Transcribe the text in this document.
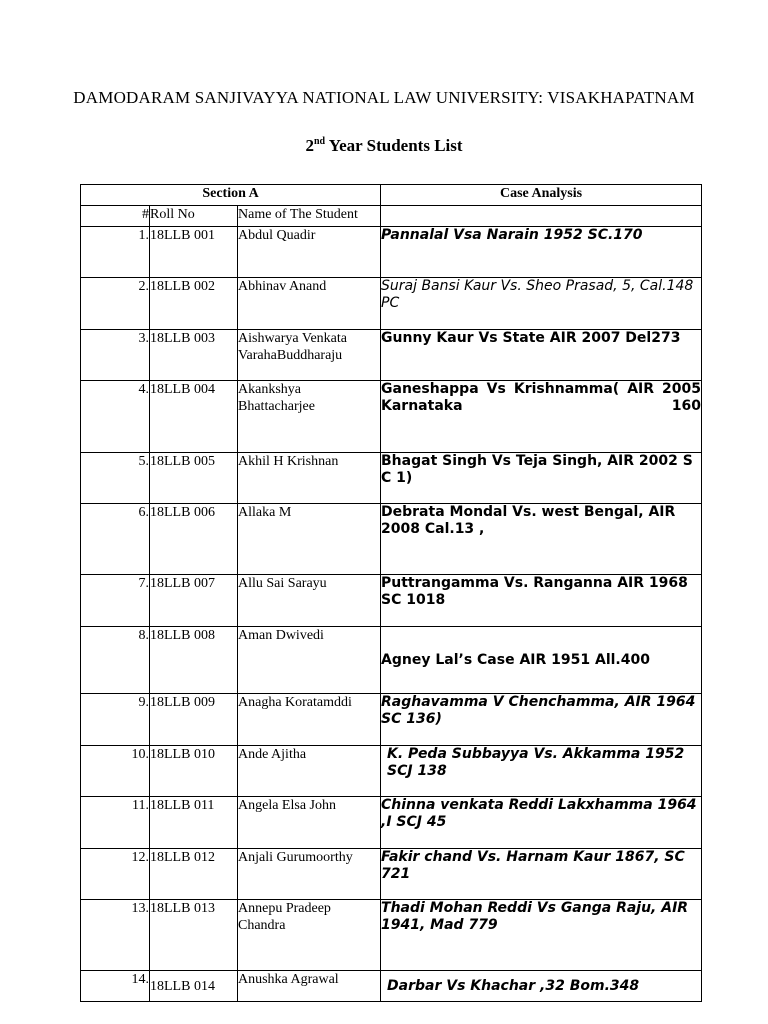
DAMODARAM SANJIVAYYA NATIONAL LAW UNIVERSITY: VISAKHAPATNAM
2nd Year Students List
Section A			Case Analysis
#	Roll No	Name of The Student	
1.	18LLB 001	Abdul Quadir	Pannalal Vsa Narain 1952 SC.170
2.	18LLB 002	Abhinav Anand	Suraj Bansi Kaur Vs. Sheo Prasad, 5, Cal.148 PC
3.	18LLB 003	Aishwarya Venkata VarahaBuddharaju	Gunny Kaur Vs State AIR 2007 Del273
4.	18LLB 004	Akankshya Bhattacharjee	Ganeshappa Vs Krishnamma( AIR 2005 Karnataka 160
5.	18LLB 005	Akhil H Krishnan	Bhagat Singh Vs Teja Singh, AIR 2002 S C 1)
6.	18LLB 006	Allaka M	Debrata Mondal Vs. west Bengal, AIR 2008 Cal.13 ,
7.	18LLB 007	Allu Sai Sarayu	Puttrangamma Vs. Ranganna AIR 1968 SC 1018
8.	18LLB 008	Aman Dwivedi	Agney Lal’s Case AIR 1951 All.400
9.	18LLB 009	Anagha Koratamddi	Raghavamma V Chenchamma, AIR 1964 SC 136)
10.	18LLB 010	Ande Ajitha	K. Peda Subbayya Vs. Akkamma 1952 SCJ 138
11.	18LLB 011	Angela Elsa John	Chinna venkata Reddi Lakxhamma 1964 ,I SCJ 45
12.	18LLB 012	Anjali Gurumoorthy	Fakir chand Vs. Harnam Kaur 1867, SC 721
13.	18LLB 013	Annepu Pradeep Chandra	Thadi Mohan Reddi Vs Ganga Raju, AIR 1941, Mad 779
14.	18LLB 014	Anushka Agrawal	Darbar Vs Khachar ,32 Bom.348
